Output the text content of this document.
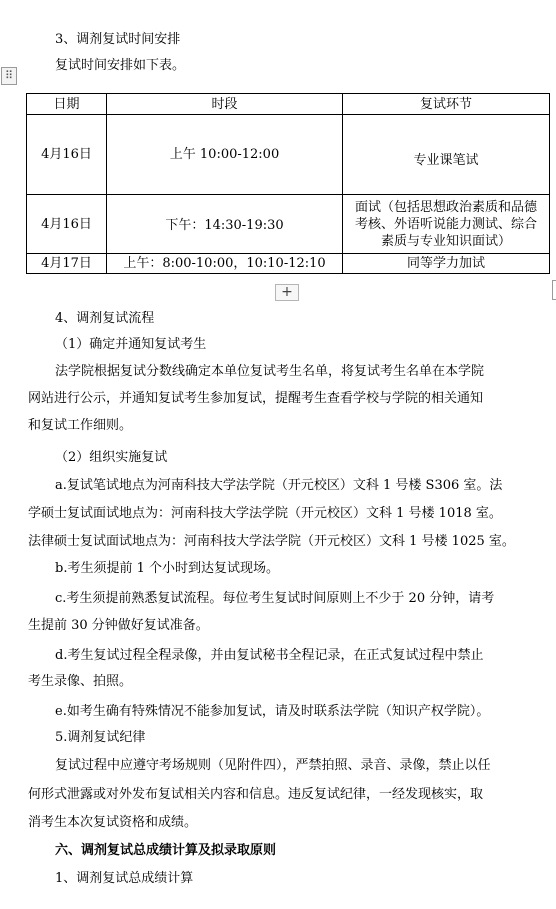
3、调剂复试时间安排
复试时间安排如下表。
⠿
日期	时段	复试环节
4月16日	上午 10:00-12:00	专业课笔试
4月16日	下午：14:30-19:30	面试（包括思想政治素质和品德
考核、外语听说能力测试、综合
素质与专业知识面试）

4月17日	上午：8:00-10:00，10:10-12:10	同等学力加试
+
4、调剂复试流程
（1）确定并通知复试考生
法学院根据复试分数线确定本单位复试考生名单，将复试考生名单在本学院
网站进行公示，并通知复试考生参加复试，提醒考生查看学校与学院的相关通知
和复试工作细则。
（2）组织实施复试
a.复试笔试地点为河南科技大学法学院（开元校区）文科 1 号楼 S306 室。法
学硕士复试面试地点为：河南科技大学法学院（开元校区）文科 1 号楼 1018 室。
法律硕士复试面试地点为：河南科技大学法学院（开元校区）文科 1 号楼 1025 室。
b.考生须提前 1 个小时到达复试现场。
c.考生须提前熟悉复试流程。每位考生复试时间原则上不少于 20 分钟，请考
生提前 30 分钟做好复试准备。
d.考生复试过程全程录像，并由复试秘书全程记录，在正式复试过程中禁止
考生录像、拍照。
e.如考生确有特殊情况不能参加复试，请及时联系法学院（知识产权学院）。
5.调剂复试纪律
复试过程中应遵守考场规则（见附件四），严禁拍照、录音、录像，禁止以任
何形式泄露或对外发布复试相关内容和信息。违反复试纪律，一经发现核实，取
消考生本次复试资格和成绩。
六、调剂复试总成绩计算及拟录取原则
1、调剂复试总成绩计算
